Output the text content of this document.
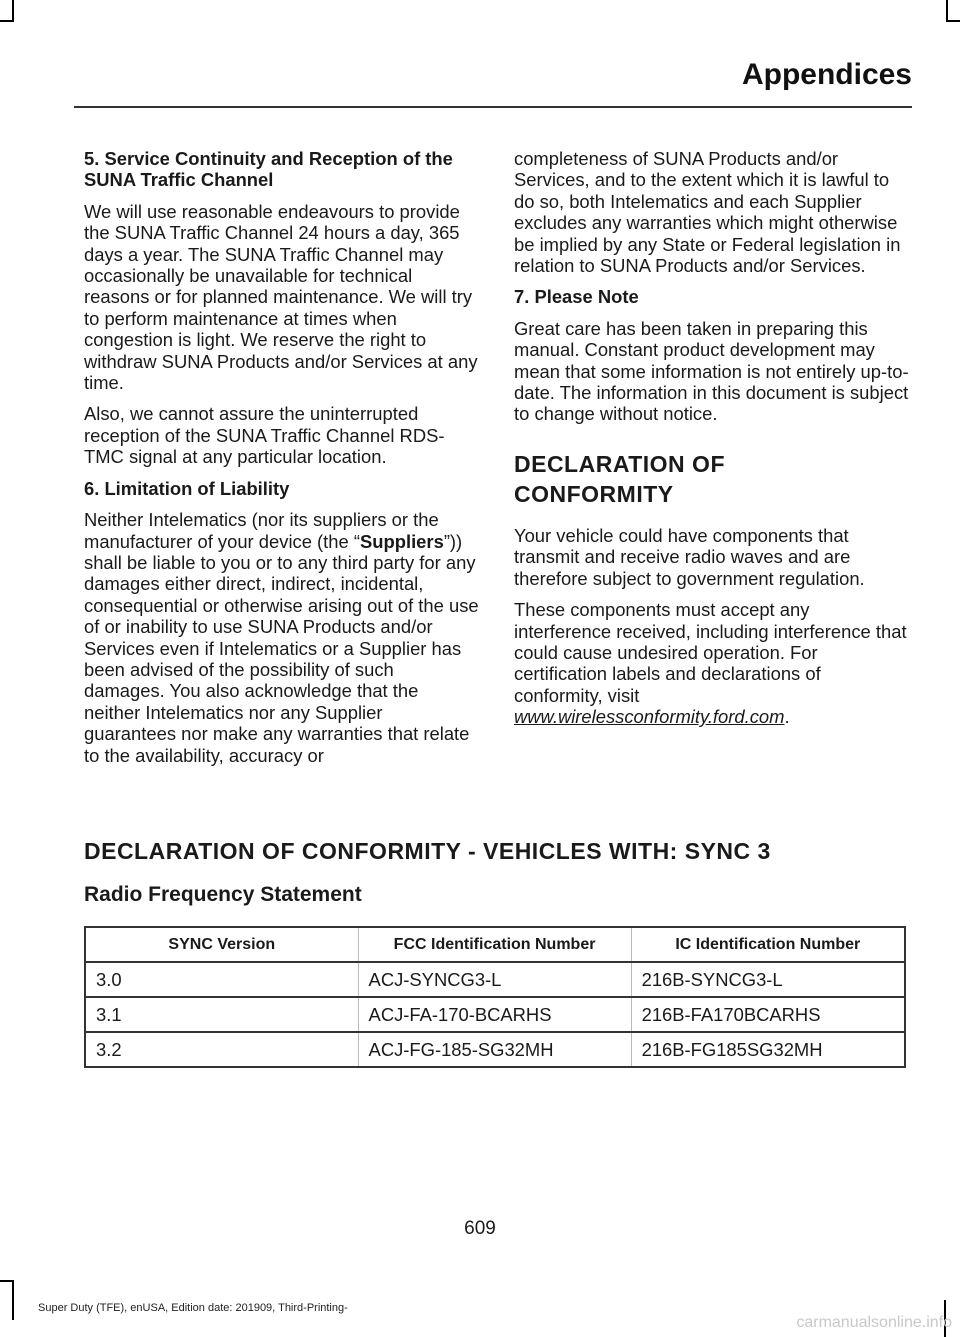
Appendices
5. Service Continuity and Reception of the SUNA Traffic Channel

We will use reasonable endeavours to provide the SUNA Traffic Channel 24 hours a day, 365 days a year. The SUNA Traffic Channel may occasionally be unavailable for technical reasons or for planned maintenance. We will try to perform maintenance at times when congestion is light. We reserve the right to withdraw SUNA Products and/or Services at any time.

Also, we cannot assure the uninterrupted reception of the SUNA Traffic Channel RDS-TMC signal at any particular location.

6. Limitation of Liability

Neither Intelematics (nor its suppliers or the manufacturer of your device (the “Suppliers”)) shall be liable to you or to any third party for any damages either direct, indirect, incidental, consequential or otherwise arising out of the use of or inability to use SUNA Products and/or Services even if Intelematics or a Supplier has been advised of the possibility of such damages. You also acknowledge that the neither Intelematics nor any Supplier guarantees nor make any warranties that relate to the availability, accuracy or

completeness of SUNA Products and/or Services, and to the extent which it is lawful to do so, both Intelematics and each Supplier excludes any warranties which might otherwise be implied by any State or Federal legislation in relation to SUNA Products and/or Services.

7. Please Note

Great care has been taken in preparing this manual. Constant product development may mean that some information is not entirely up-to-date. The information in this document is subject to change without notice.

DECLARATION OF
CONFORMITY

Your vehicle could have components that transmit and receive radio waves and are therefore subject to government regulation.

These components must accept any interference received, including interference that could cause undesired operation. For certification labels and declarations of conformity, visit www.wirelessconformity.ford.com.

DECLARATION OF CONFORMITY - VEHICLES WITH: SYNC 3
Radio Frequency Statement
SYNC Version	FCC Identification Number	IC Identification Number
3.0	ACJ-SYNCG3-L	216B-SYNCG3-L
3.1	ACJ-FA-170-BCARHS	216B-FA170BCARHS
3.2	ACJ-FG-185-SG32MH	216B-FG185SG32MH
609
Super Duty (TFE), enUSA, Edition date: 201909, Third-Printing-
carmanualsonline.info
